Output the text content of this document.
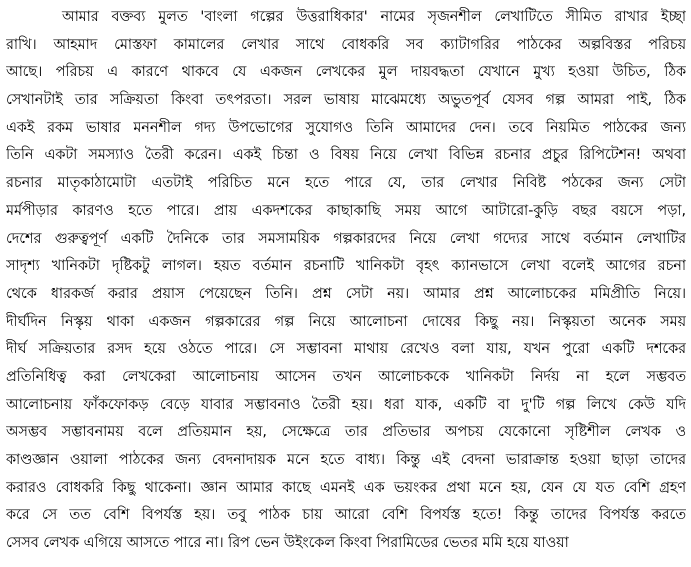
আমার বক্তব্য মুলত 'বাংলা গল্পের উত্তরাধিকার' নামের সৃজনশীল লেখাটিতে সীমিত রাখার ইচ্ছা
রাখি। আহমাদ মোস্তফা কামালের লেখার সাথে বোধকরি সব ক্যাটাগরির পাঠকের অল্পবিস্তর পরিচয়
আছে। পরিচয় এ কারণে থাকবে যে একজন লেখকের মুল দায়বদ্ধতা যেখানে মুখ্য হওয়া উচিত, ঠিক
সেখানটাই তার সক্রিয়তা কিংবা তৎপরতা। সরল ভাষায় মাঝেমধ্যে অভুতপূর্ব যেসব গল্প আমরা পাই, ঠিক
একই রকম ভাষার মননশীল গদ্য উপভোগের সুযোগও তিনি আমাদের দেন। তবে নিয়মিত পাঠকের জন্য
তিনি একটা সমস্যাও তৈরী করেন। একই চিন্তা ও বিষয় নিয়ে লেখা বিভিন্ন রচনার প্রচুর রিপিটেশন! অথবা
রচনার মাতৃকাঠামোটা এতটাই পরিচিত মনে হতে পারে যে, তার লেখার নিবিষ্ট পঠকের জন্য সেটা
মর্মপীড়ার কারণও হতে পারে। প্রায় একদশকের কাছাকাছি সময় আগে আটারো-কুড়ি বছর বয়সে পড়া,
দেশের গুরুত্বপূর্ণ একটি দৈনিকে তার সমসাময়িক গল্পকারদের নিয়ে লেখা গদ্যের সাথে বর্তমান লেখাটির
সাদৃশ্য খানিকটা দৃষ্টিকটু লাগল। হয়ত বর্তমান রচনাটি খানিকটা বৃহৎ ক্যানভাসে লেখা বলেই আগের রচনা
থেকে ধারকর্জ করার প্রয়াস পেয়েছেন তিনি। প্রশ্ন সেটা নয়। আমার প্রশ্ন আলোচকের মমিপ্রীতি নিয়ে।
দীর্ঘদিন নিস্কৃয় থাকা একজন গল্পকারের গল্প নিয়ে আলোচনা দোষের কিছু নয়। নিস্কৃয়তা অনেক সময়
দীর্ঘ সক্রিয়তার রসদ হয়ে ওঠতে পারে। সে সম্ভাবনা মাথায় রেখেও বলা যায়, যখন পুরো একটি দশকের
প্রতিনিধিত্ব করা লেখকেরা আলোচনায় আসেন তখন আলোচককে খানিকটা নির্দয় না হলে সম্ভবত
আলোচনায় ফাঁকফোকড় বেড়ে যাবার সম্ভাবনাও তৈরী হয়। ধরা যাক, একটি বা দু'টি গল্প লিখে কেউ যদি
অসম্ভব সম্ভাবনাময় বলে প্রতিয়মান হয়, সেক্ষেত্রে তার প্রতিভার অপচয় যেকোনো সৃষ্টিশীল লেখক ও
কাণ্ডজ্ঞান ওয়ালা পাঠকের জন্য বেদনাদায়ক মনে হতে বাধ্য। কিন্তু এই বেদনা ভারাক্রান্ত হওয়া ছাড়া তাদের
করারও বোধকরি কিছু থাকেনা। জ্ঞান আমার কাছে এমনই এক ভয়ংকর প্রথা মনে হয়, যেন যে যত বেশি গ্রহণ
করে সে তত বেশি বিপর্যস্ত হয়। তবু পাঠক চায় আরো বেশি বিপর্যস্ত হতে! কিন্তু তাদের বিপর্যস্ত করতে
সেসব লেখক এগিয়ে আসতে পারে না। রিপ ভেন উইংকেল কিংবা পিরামিডের ভেতর মমি হয়ে যাওয়া
